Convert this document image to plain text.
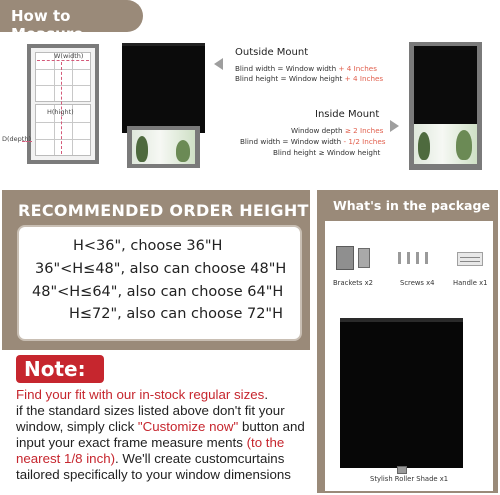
How to Measure
W(width)
H(hight)
D(depth)
Outside Mount
Blind width = Window width + 4 Inches
Blind height = Window height + 4 Inches
Inside Mount
Window depth ≥ 2 Inches
Blind width = Window width - 1/2 Inches
Blind height ≥ Window height
RECOMMENDED ORDER HEIGHT
H<36", choose 36"H
36"<H≤48", also can choose 48"H
48"<H≤64", also can choose 64"H
H≤72", also can choose 72"H
What's in the package
Brackets x2	Screws x4	Handle x1
Stylish Roller Shade x1
Note:
Find your fit with our in-stock regular sizes.
if the standard sizes listed above don't fit your window, simply click "Customize now" button and input your exact frame measure ments (to the nearest 1/8 inch). We'll create customcurtains tailored specifically to your window dimensions
